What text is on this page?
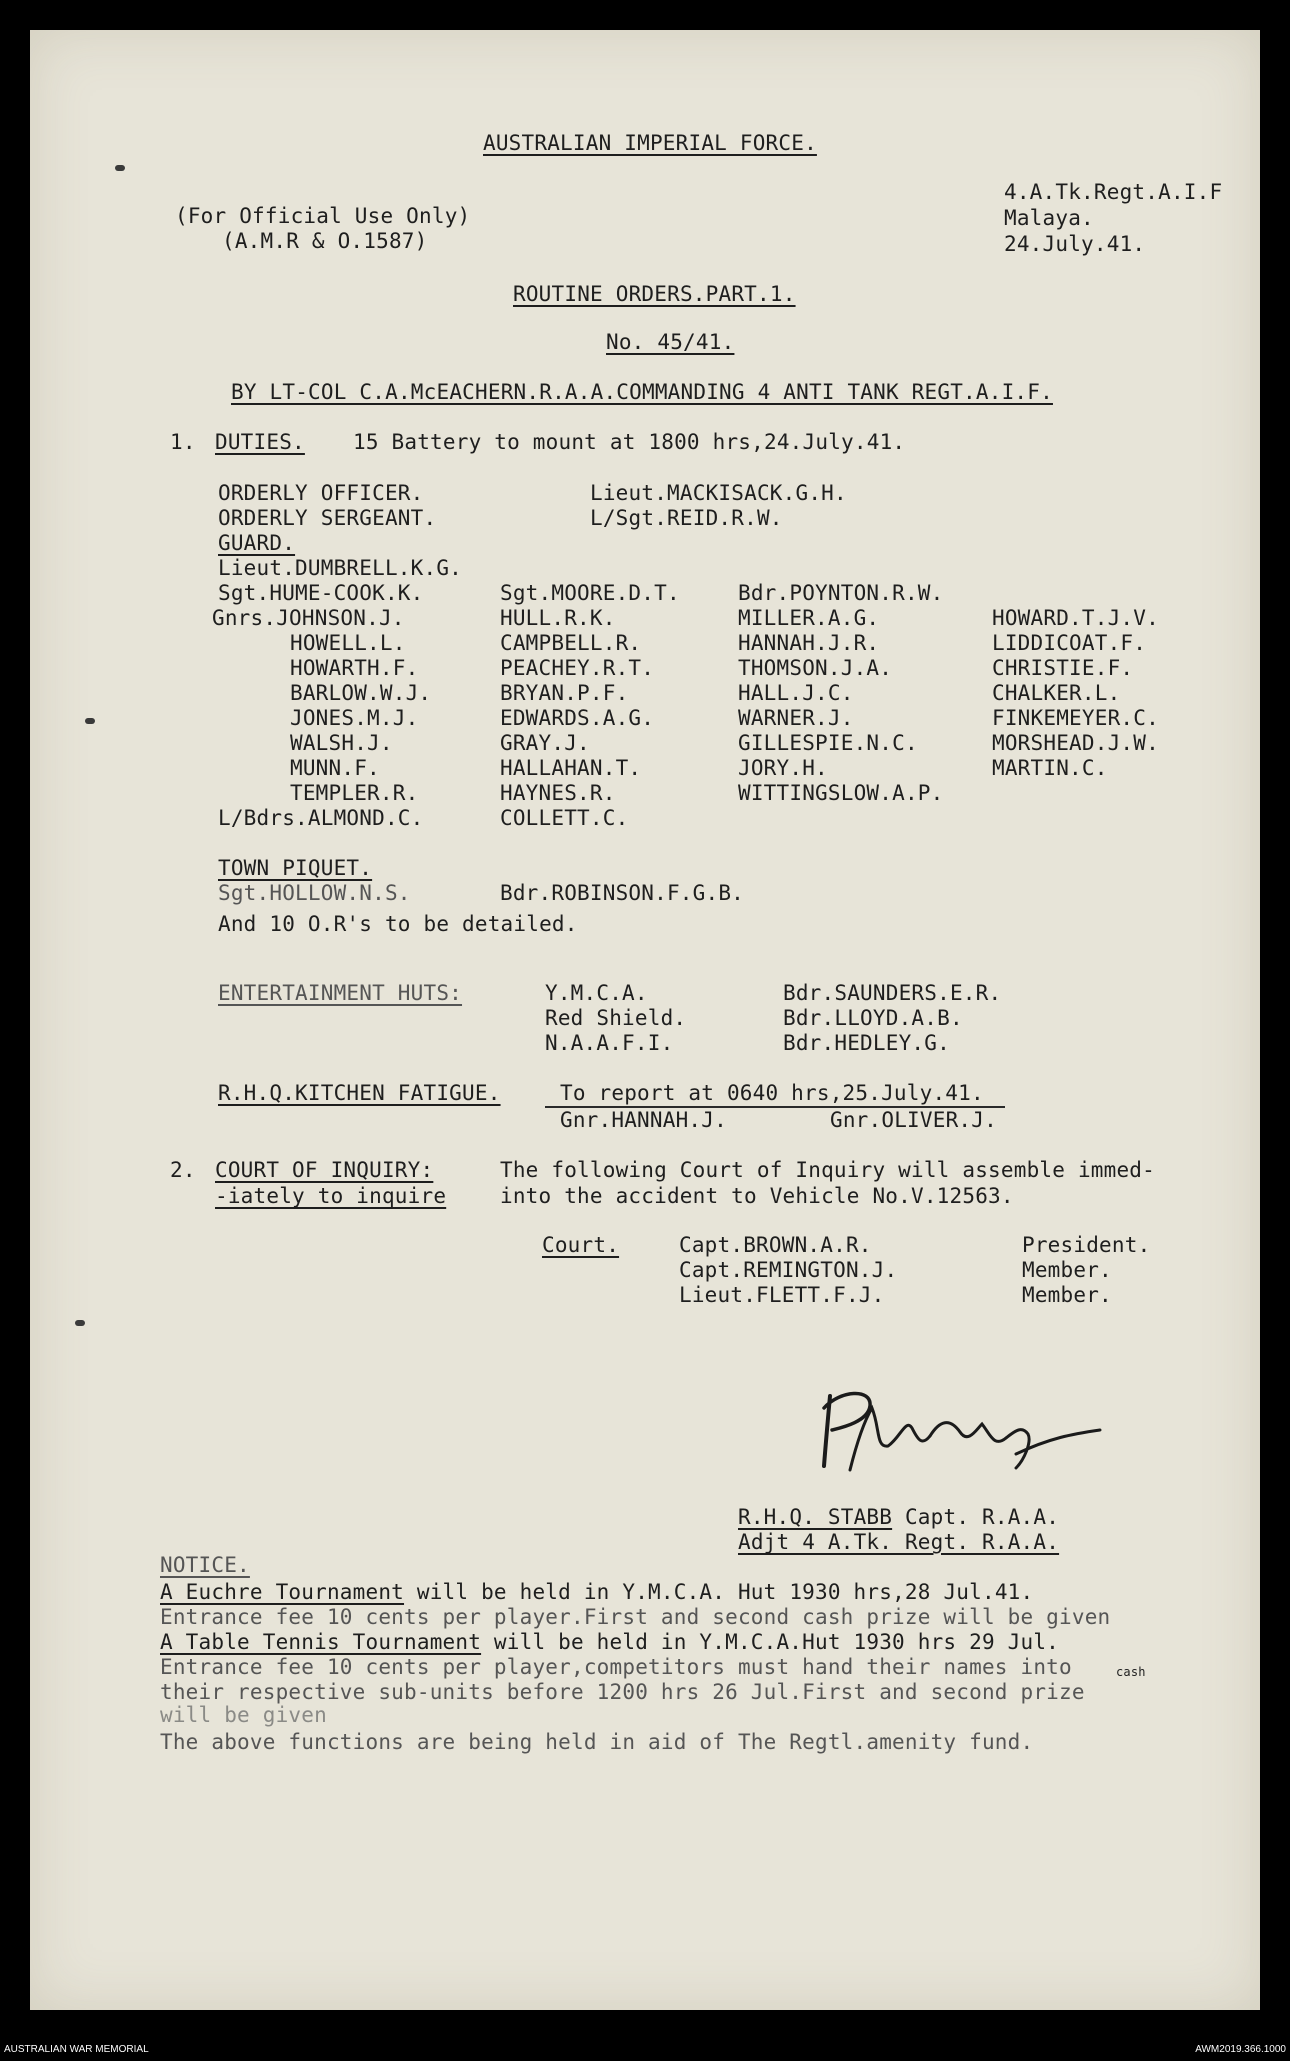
AUSTRALIAN IMPERIAL FORCE.
(For Official Use Only)
(A.M.R & O.1587)
4.A.Tk.Regt.A.I.F
Malaya.
24.July.41.
ROUTINE ORDERS.PART.1.
No. 45/41.
BY LT-COL C.A.McEACHERN.R.A.A.COMMANDING 4 ANTI TANK REGT.A.I.F.
1. DUTIES. 15 Battery to mount at 1800 hrs,24.July.41.
ORDERLY OFFICER.	Lieut.MACKISACK.G.H.
ORDERLY SERGEANT.	L/Sgt.REID.R.W.
GUARD.
Lieut.DUMBRELL.K.G.
Sgt.HUME-COOK.K.	Sgt.MOORE.D.T.	Bdr.POYNTON.R.W.
Gnrs.JOHNSON.J.	HULL.R.K.	MILLER.A.G.	HOWARD.T.J.V.
HOWELL.L.	CAMPBELL.R.	HANNAH.J.R.	LIDDICOAT.F.
HOWARTH.F.	PEACHEY.R.T.	THOMSON.J.A.	CHRISTIE.F.
BARLOW.W.J.	BRYAN.P.F.	HALL.J.C.	CHALKER.L.
JONES.M.J.	EDWARDS.A.G.	WARNER.J.	FINKEMEYER.C.
WALSH.J.	GRAY.J.	GILLESPIE.N.C.	MORSHEAD.J.W.
MUNN.F.	HALLAHAN.T.	JORY.H.	MARTIN.C.
TEMPLER.R.	HAYNES.R.	WITTINGSLOW.A.P.
L/Bdrs.ALMOND.C.	COLLETT.C.
TOWN PIQUET.
Sgt.HOLLOW.N.S.	Bdr.ROBINSON.F.G.B.
And 10 O.R's to be detailed.
ENTERTAINMENT HUTS:	Y.M.C.A.	Bdr.SAUNDERS.E.R.
Red Shield.	Bdr.LLOYD.A.B.
N.A.A.F.I.	Bdr.HEDLEY.G.
R.H.Q.KITCHEN FATIGUE.	To report at 0640 hrs,25.July.41.
Gnr.HANNAH.J.	Gnr.OLIVER.J.
2. COURT OF INQUIRY:	The following Court of Inquiry will assemble immed-
-iately to inquire	into the accident to Vehicle No.V.12563.
Court.	Capt.BROWN.A.R.	President.
Capt.REMINGTON.J.	Member.
Lieut.FLETT.F.J.	Member.
R.H.Q. STABB Capt. R.A.A.
Adjt 4 A.Tk. Regt. R.A.A.
NOTICE.
A Euchre Tournament will be held in Y.M.C.A. Hut 1930 hrs,28 Jul.41.
Entrance fee 10 cents per player.First and second cash prize will be given
A Table Tennis Tournament will be held in Y.M.C.A.Hut 1930 hrs 29 Jul.
Entrance fee 10 cents per player,competitors must hand their names into
their respective sub-units before 1200 hrs 26 Jul.First and second prize
cash
will be given
The above functions are being held in aid of The Regtl.amenity fund.
AUSTRALIAN WAR MEMORIAL	AWM2019.366.1000
